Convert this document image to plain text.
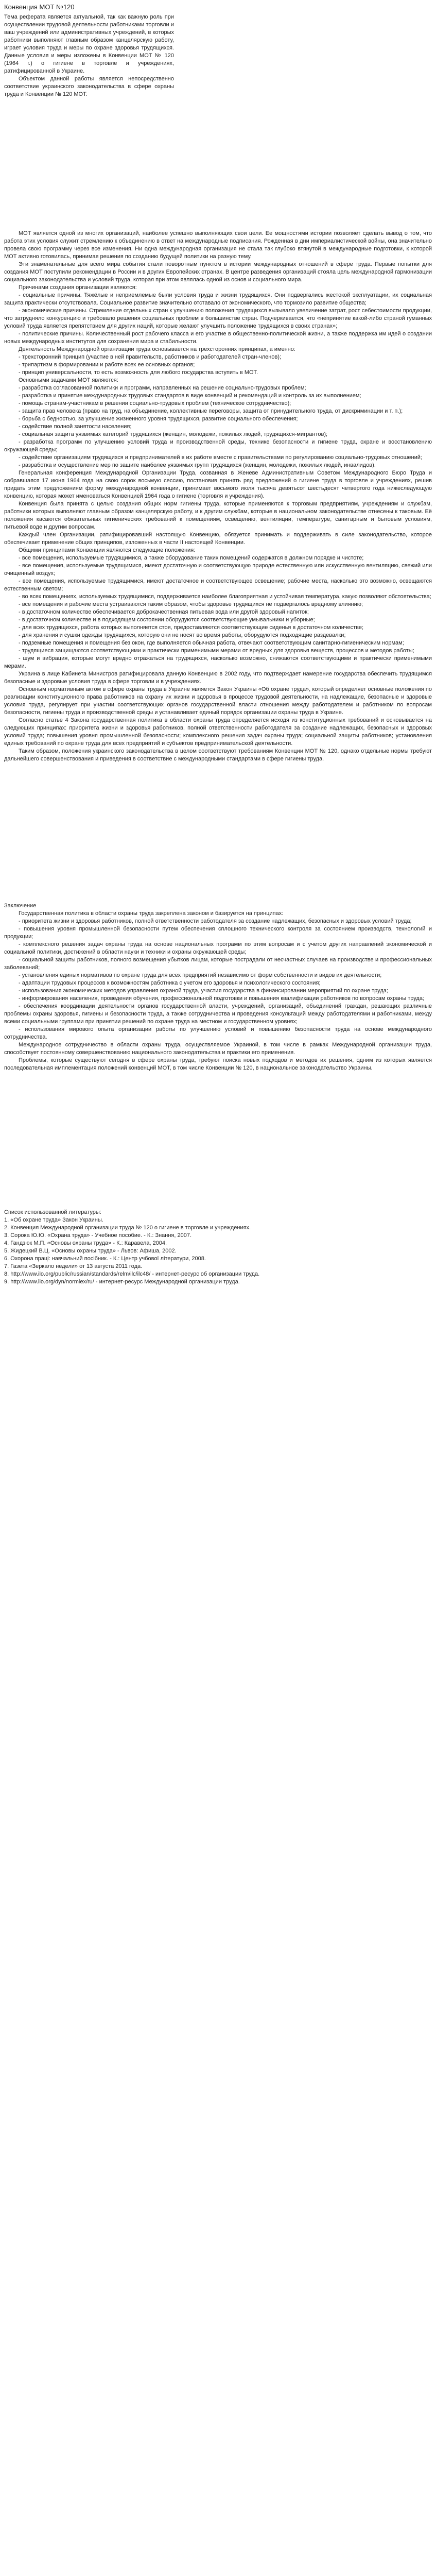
Конвенция МОТ №120

Тема реферата является актуальной, так как важную роль при осуществлении трудовой деятельности работниками торговли и ваш учреждений или административных учреждений, в которых работники выполняют главным образом канцелярскую работу, играет условия труда и меры по охране здоровья трудящихся. Данные условия и меры изложены в Конвенции МОТ № 120 (1964 г.) о гигиене в торговле и учреждениях, ратифицированной в Украине.

Объектом данной работы является непосредственно соответствие украинского законодательства в сфере охраны труда и Конвенции № 120 МОТ.

МОТ является одной из многих организаций, наиболее успешно выполняющих свои цели. Ее мощностями истории позволяет сделать вывод о том, что работа этих условия служит стремлению к объединению в ответ на международные подписания. Рожденная в дни империалистической войны, она значительно провела свою программу через все изменения. Ни одна международная организация не стала так глубоко втянутой в международные подготовки, к которой МОТ активно готовилась, принимая решения по созданию будущей политики на разную тему.

Эти знаменательные для всего мира события стали поворотным пунктом в истории международных отношений в сфере труда. Первые попытки для создания МОТ поступили рекомендации в России и в других Европейских странах. В центре разведения организаций стояла цель международной гармонизации социального законодательства и условий труда, которая при этом являлась одной из основ и социального мира.

Причинами создания организации являются:

- социальные причины. Тяжёлые и неприемлемые были условия труда и жизни трудящихся. Они подвергались жестокой эксплуатации, их социальная защита практически отсутствовала. Социальное развитие значительно отставало от экономического, что тормозило развитие общества;

- экономические причины. Стремление отдельных стран к улучшению положения трудящихся вызывало увеличение затрат, рост себестоимости продукции, что затрудняло конкуренцию и требовало решения социальных проблем в большинстве стран. Подчеркивается, что «непринятие какой-либо страной гуманных условий труда является препятствием для других наций, которые желают улучшить положение трудящихся в своих странах»;

- политические причины. Количественный рост рабочего класса и его участие в общественно-политической жизни, а также поддержка им идей о создании новых международных институтов для сохранения мира и стабильности.

Деятельность Международной организации труда основывается на трехсторонних принципах, а именно:

- трехсторонний принцип (участие в ней правительств, работников и работодателей стран-членов);

- трипартизм в формировании и работе всех ее основных органов;

- принцип универсальности, то есть возможность для любого государства вступить в МОТ.

Основными задачами МОТ являются:

- разработка согласованной политики и программ, направленных на решение социально-трудовых проблем;

- разработка и принятие международных трудовых стандартов в виде конвенций и рекомендаций и контроль за их выполнением;

- помощь странам-участникам в решении социально-трудовых проблем (техническое сотрудничество);

- защита прав человека (право на труд, на объединение, коллективные переговоры, защита от принудительного труда, от дискриминации и т. п.);

- борьба с бедностью, за улучшение жизненного уровня трудящихся, развитие социального обеспечения;

- содействие полной занятости населения;

- социальная защита уязвимых категорий трудящихся (женщин, молодежи, пожилых людей, трудящихся-мигрантов);

- разработка программ по улучшению условий труда и производственной среды, технике безопасности и гигиене труда, охране и восстановлению окружающей среды;

- содействие организациям трудящихся и предпринимателей в их работе вместе с правительствами по регулированию социально-трудовых отношений;

- разработка и осуществление мер по защите наиболее уязвимых групп трудящихся (женщин, молодежи, пожилых людей, инвалидов).

Генеральная конференция Международной Организации Труда, созванная в Женеве Административным Советом Международного Бюро Труда и собравшаяся 17 июня 1964 года на свою сорок восьмую сессию, постановив принять ряд предложений о гигиене труда в торговле и учреждениях, решив придать этим предложениям форму международной конвенции, принимает восьмого июля тысяча девятьсот шестьдесят четвертого года нижеследующую конвенцию, которая может именоваться Конвенцией 1964 года о гигиене (торговля и учреждения).

Конвенция была принята с целью создания общих норм гигиены труда, которые применяются к торговым предприятиям, учреждениям и службам, работники которых выполняют главным образом канцелярскую работу, и к другим службам, которые в национальном законодательстве отнесены к таковым. Её положения касаются обязательных гигиенических требований к помещениям, освещению, вентиляции, температуре, санитарным и бытовым условиям, питьевой воде и другим вопросам.

Каждый член Организации, ратифицировавший настоящую Конвенцию, обязуется принимать и поддерживать в силе законодательство, которое обеспечивает применение общих принципов, изложенных в части II настоящей Конвенции.

Общими принципами Конвенции являются следующие положения:

- все помещения, используемые трудящимися, а также оборудование таких помещений содержатся в должном порядке и чистоте;

- все помещения, используемые трудящимися, имеют достаточную и соответствующую природе естественную или искусственную вентиляцию, свежий или очищенный воздух;

- все помещения, используемые трудящимися, имеют достаточное и соответствующее освещение; рабочие места, насколько это возможно, освещаются естественным светом;

- во всех помещениях, используемых трудящимися, поддерживается наиболее благоприятная и устойчивая температура, какую позволяют обстоятельства;

- все помещения и рабочие места устраиваются таким образом, чтобы здоровье трудящихся не подвергалось вредному влиянию;

- в достаточном количестве обеспечивается доброкачественная питьевая вода или другой здоровый напиток;

- в достаточном количестве и в подходящем состоянии оборудуются соответствующие умывальники и уборные;

- для всех трудящихся, работа которых выполняется стоя, предоставляются соответствующие сиденья в достаточном количестве;

- для хранения и сушки одежды трудящихся, которую они не носят во время работы, оборудуются подходящие раздевалки;

- подземные помещения и помещения без окон, где выполняется обычная работа, отвечают соответствующим санитарно-гигиеническим нормам;

- трудящиеся защищаются соответствующими и практически применимыми мерами от вредных для здоровья веществ, процессов и методов работы;

- шум и вибрация, которые могут вредно отражаться на трудящихся, насколько возможно, снижаются соответствующими и практически применимыми мерами.

Украина в лице Кабинета Министров ратифицировала данную Конвенцию в 2002 году, что подтверждает намерение государства обеспечить трудящимся безопасные и здоровые условия труда в сфере торговли и в учреждениях.

Основным нормативным актом в сфере охраны труда в Украине является Закон Украины «Об охране труда», который определяет основные положения по реализации конституционного права работников на охрану их жизни и здоровья в процессе трудовой деятельности, на надлежащие, безопасные и здоровые условия труда, регулирует при участии соответствующих органов государственной власти отношения между работодателем и работником по вопросам безопасности, гигиены труда и производственной среды и устанавливает единый порядок организации охраны труда в Украине.

Согласно статье 4 Закона государственная политика в области охраны труда определяется исходя из конституционных требований и основывается на следующих принципах: приоритета жизни и здоровья работников, полной ответственности работодателя за создание надлежащих, безопасных и здоровых условий труда; повышения уровня промышленной безопасности; комплексного решения задач охраны труда; социальной защиты работников; установления единых требований по охране труда для всех предприятий и субъектов предпринимательской деятельности.

Таким образом, положения украинского законодательства в целом соответствуют требованиям Конвенции МОТ № 120, однако отдельные нормы требуют дальнейшего совершенствования и приведения в соответствие с международными стандартами в сфере гигиены труда.

Заключение

Государственная политика в области охраны труда закреплена законом и базируется на принципах:

- приоритета жизни и здоровья работников, полной ответственности работодателя за создание надлежащих, безопасных и здоровых условий труда;

- повышения уровня промышленной безопасности путем обеспечения сплошного технического контроля за состоянием производств, технологий и продукции;

- комплексного решения задач охраны труда на основе национальных программ по этим вопросам и с учетом других направлений экономической и социальной политики, достижений в области науки и техники и охраны окружающей среды;

- социальной защиты работников, полного возмещения убытков лицам, которые пострадали от несчастных случаев на производстве и профессиональных заболеваний;

- установления единых нормативов по охране труда для всех предприятий независимо от форм собственности и видов их деятельности;

- адаптации трудовых процессов к возможностям работника с учетом его здоровья и психологического состояния;

- использования экономических методов управления охраной труда, участия государства в финансировании мероприятий по охране труда;

- информирования населения, проведения обучения, профессиональной подготовки и повышения квалификации работников по вопросам охраны труда;

- обеспечения координации деятельности органов государственной власти, учреждений, организаций, объединений граждан, решающих различные проблемы охраны здоровья, гигиены и безопасности труда, а также сотрудничества и проведения консультаций между работодателями и работниками, между всеми социальными группами при принятии решений по охране труда на местном и государственном уровнях;

- использования мирового опыта организации работы по улучшению условий и повышению безопасности труда на основе международного сотрудничества.

Международное сотрудничество в области охраны труда, осуществляемое Украиной, в том числе в рамках Международной организации труда, способствует постоянному совершенствованию национального законодательства и практики его применения.

Проблемы, которые существуют сегодня в сфере охраны труда, требуют поиска новых подходов и методов их решения, одним из которых является последовательная имплементация положений конвенций МОТ, в том числе Конвенции № 120, в национальное законодательство Украины.

Список использованной литературы:

1. «Об охране труда» Закон Украины.

2. Конвенция Международной организации труда № 120 о гигиене в торговле и учреждениях.

3. Сорока Ю.Ю. «Охрана труда» - Учебное пособие. - К.: Знання, 2007.

4. Гандзюк М.П. «Основы охраны труда» - К.: Каравела, 2004.

5. Жидецкий В.Ц. «Основы охраны труда» - Львов: Афиша, 2002.

6. Охорона праці: навчальний посібник. - К.: Центр учбової літератури, 2008.

7. Газета «Зеркало недели» от 13 августа 2011 года.

8. http://www.ilo.org/public/russian/standards/relm/ilc/ilc48/ - интернет-ресурс об организации труда.

9. http://www.ilo.org/dyn/normlex/ru/ - интернет-ресурс Международной организации труда.
